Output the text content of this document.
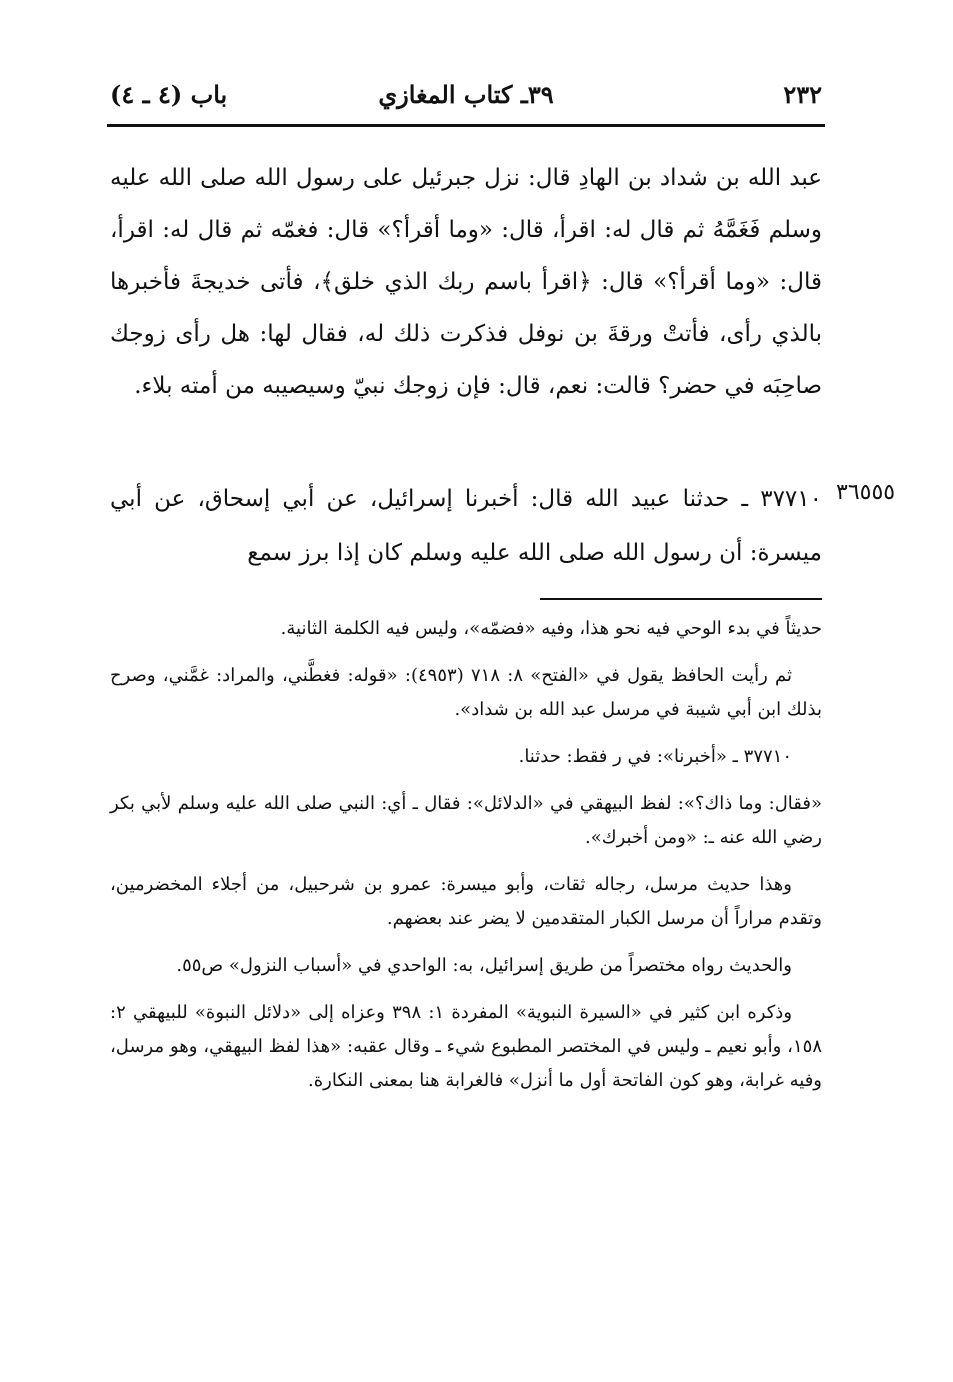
٢٣٢
٣٩ـ كتاب المغازي
باب (٤ ـ ٤)

عبد الله بن شداد بن الهادِ قال: نزل جبرئيل على رسول الله صلى الله عليه وسلم فَغَمَّهُ ثم قال له: اقرأ، قال: «وما أقرأ؟» قال: فغمّه ثم قال له: اقرأ، قال: «وما أقرأ؟» قال: ﴿اقرأ باسم ربك الذي خلق﴾، فأتى خديجةَ فأخبرها بالذي رأى، فأتتْ ورقةَ بن نوفل فذكرت ذلك له، فقال لها: هل رأى زوجك صاحِبَه في حضر؟ قالت: نعم، قال: فإن زوجك نبيّ وسيصيبه من أمته بلاء.

٣٦٥٥٥

٣٧٧١٠ ـ حدثنا عبيد الله قال: أخبرنا إسرائيل، عن أبي إسحاق، عن أبي ميسرة: أن رسول الله صلى الله عليه وسلم كان إذا برز سمع

حديثاً في بدء الوحي فيه نحو هذا، وفيه «فضمّه»، وليس فيه الكلمة الثانية.

ثم رأيت الحافظ يقول في «الفتح» ٨: ٧١٨ (٤٩٥٣): «قوله: فغطَّني، والمراد: غمَّني، وصرح بذلك ابن أبي شيبة في مرسل عبد الله بن شداد».

٣٧٧١٠ ـ «أخبرنا»: في ر فقط: حدثنا.

«فقال: وما ذاك؟»: لفظ البيهقي في «الدلائل»: فقال ـ أي: النبي صلى الله عليه وسلم لأبي بكر رضي الله عنه ـ: «ومن أخبرك».

وهذا حديث مرسل، رجاله ثقات، وأبو ميسرة: عمرو بن شرحبيل، من أجلاء المخضرمين، وتقدم مراراً أن مرسل الكبار المتقدمين لا يضر عند بعضهم.

والحديث رواه مختصراً من طريق إسرائيل، به: الواحدي في «أسباب النزول» ص٥٥.

وذكره ابن كثير في «السيرة النبوية» المفردة ١: ٣٩٨ وعزاه إلى «دلائل النبوة» للبيهقي ٢: ١٥٨، وأبو نعيم ـ وليس في المختصر المطبوع شيء ـ وقال عقبه: «هذا لفظ البيهقي، وهو مرسل، وفيه غرابة، وهو كون الفاتحة أول ما أنزل» فالغرابة هنا بمعنى النكارة.
